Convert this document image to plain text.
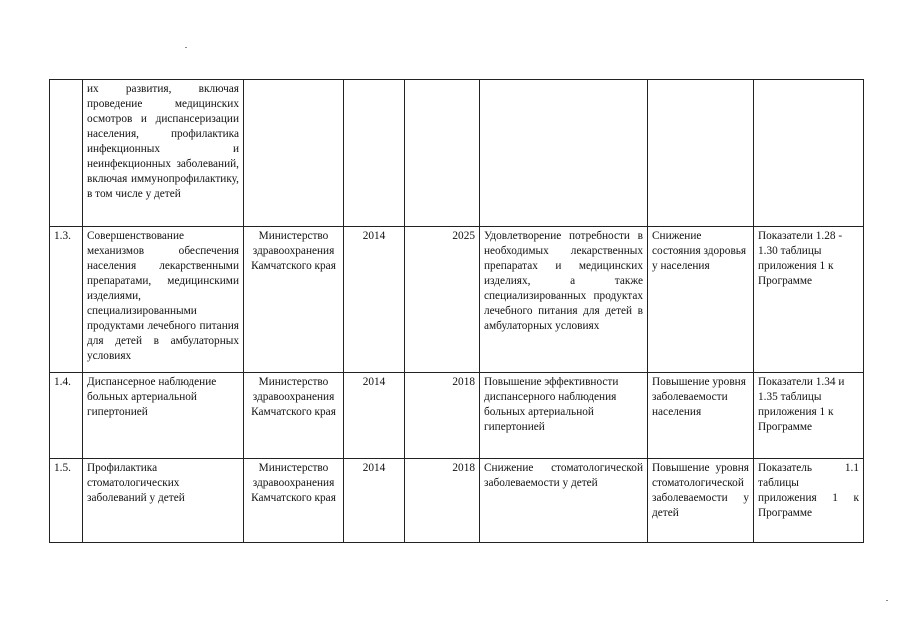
	их развития, включая проведение медицинских осмотров и диспансеризации населения, профилактика инфекционных и неинфекционных заболеваний, включая иммунопрофилактику, в том числе у детей						
1.3.	Совершенствование механизмов обеспечения населения лекарственными препаратами, медицинскими изделиями, специализированными продуктами лечебного питания для детей в амбулаторных условиях	Министерство здравоохранения Камчатского края	2014	2025	Удовлетворение потребности в необходимых лекарственных препаратах и медицинских изделиях, а также специализированных продуктах лечебного питания для детей в амбулаторных условиях	Снижение состояния здоровья у населения	Показатели 1.28 - 1.30 таблицы приложения 1 к Программе
1.4.	Диспансерное наблюдение больных артериальной гипертонией	Министерство здравоохранения Камчатского края	2014	2018	Повышение эффективности диспансерного наблюдения больных артериальной гипертонией	Повышение уровня заболеваемости населения	Показатели 1.34 и 1.35 таблицы приложения 1 к Программе
1.5.	Профилактика стоматологических заболеваний у детей	Министерство здравоохранения Камчатского края	2014	2018	Снижение стоматологической заболеваемости у детей	Повышение уровня стоматологической заболеваемости у детей	Показатель 1.1 таблицы приложения 1 к Программе
